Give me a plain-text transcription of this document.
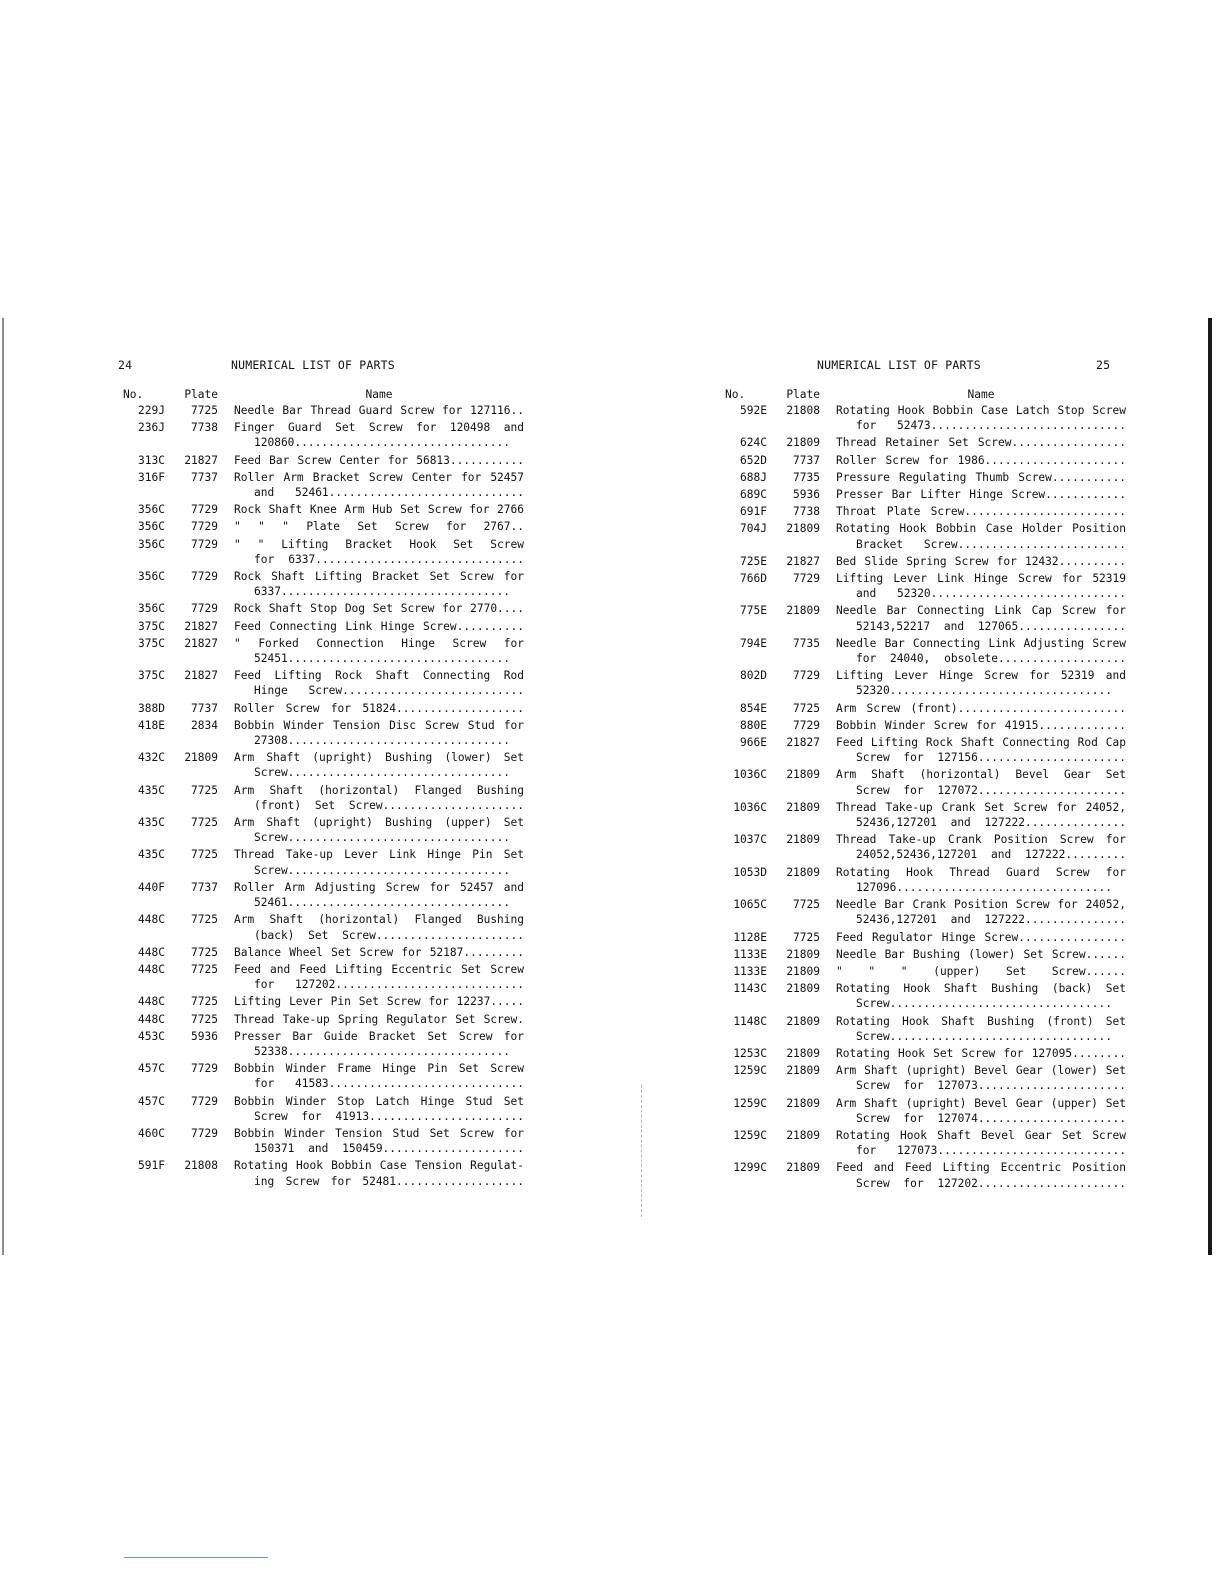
24	NUMERICAL LIST OF PARTS
No.	Plate	Name
229J	7725 Needle Bar Thread Guard Screw for 127116..
236J	7738 Finger Guard Set Screw for 120498 and
120860................................
313C	21827 Feed Bar Screw Center for 56813...........
316F	7737 Roller Arm Bracket Screw Center for 52457
and 52461.............................
356C	7729 Rock Shaft Knee Arm Hub Set Screw for 2766
356C	7729 " " " Plate Set Screw for 2767..
356C	7729 " " Lifting Bracket Hook Set Screw
for 6337...............................
356C	7729 Rock Shaft Lifting Bracket Set Screw for
6337..................................
356C	7729 Rock Shaft Stop Dog Set Screw for 2770....
375C	21827 Feed Connecting Link Hinge Screw..........
375C	21827 " Forked Connection Hinge Screw for
52451.................................
375C	21827 Feed Lifting Rock Shaft Connecting Rod
Hinge Screw...........................
388D	7737 Roller Screw for 51824...................
418E	2834 Bobbin Winder Tension Disc Screw Stud for
27308.................................
432C	21809 Arm Shaft (upright) Bushing (lower) Set
Screw.................................
435C	7725 Arm Shaft (horizontal) Flanged Bushing
(front) Set Screw.....................
435C	7725 Arm Shaft (upright) Bushing (upper) Set
Screw.................................
435C	7725 Thread Take-up Lever Link Hinge Pin Set
Screw.................................
440F	7737 Roller Arm Adjusting Screw for 52457 and
52461.................................
448C	7725 Arm Shaft (horizontal) Flanged Bushing
(back) Set Screw......................
448C	7725 Balance Wheel Set Screw for 52187.........
448C	7725 Feed and Feed Lifting Eccentric Set Screw
for 127202............................
448C	7725 Lifting Lever Pin Set Screw for 12237.....
448C	7725 Thread Take-up Spring Regulator Set Screw.
453C	5936 Presser Bar Guide Bracket Set Screw for
52338.................................
457C	7729 Bobbin Winder Frame Hinge Pin Set Screw
for 41583.............................
457C	7729 Bobbin Winder Stop Latch Hinge Stud Set
Screw for 41913.......................
460C	7729 Bobbin Winder Tension Stud Set Screw for
150371 and 150459.....................
591F	21808 Rotating Hook Bobbin Case Tension Regulat-
ing Screw for 52481...................
NUMERICAL LIST OF PARTS	25
No.	Plate	Name
592E	21808 Rotating Hook Bobbin Case Latch Stop Screw
for 52473.............................
624C	21809 Thread Retainer Set Screw.................
652D	7737 Roller Screw for 1986.....................
688J	7735 Pressure Regulating Thumb Screw...........
689C	5936 Presser Bar Lifter Hinge Screw............
691F	7738 Throat Plate Screw........................
704J	21809 Rotating Hook Bobbin Case Holder Position
Bracket Screw.........................
725E	21827 Bed Slide Spring Screw for 12432..........
766D	7729 Lifting Lever Link Hinge Screw for 52319
and 52320.............................
775E	21809 Needle Bar Connecting Link Cap Screw for
52143,52217 and 127065................
794E	7735 Needle Bar Connecting Link Adjusting Screw
for 24040, obsolete...................
802D	7729 Lifting Lever Hinge Screw for 52319 and
52320.................................
854E	7725 Arm Screw (front).........................
880E	7729 Bobbin Winder Screw for 41915.............
966E	21827 Feed Lifting Rock Shaft Connecting Rod Cap
Screw for 127156......................
1036C	21809 Arm Shaft (horizontal) Bevel Gear Set
Screw for 127072......................
1036C	21809 Thread Take-up Crank Set Screw for 24052,
52436,127201 and 127222...............
1037C	21809 Thread Take-up Crank Position Screw for
24052,52436,127201 and 127222.........
1053D	21809 Rotating Hook Thread Guard Screw for
127096................................
1065C	7725 Needle Bar Crank Position Screw for 24052,
52436,127201 and 127222...............
1128E	7725 Feed Regulator Hinge Screw................
1133E	21809 Needle Bar Bushing (lower) Set Screw......
1133E	21809 " " " (upper) Set Screw......
1143C	21809 Rotating Hook Shaft Bushing (back) Set
Screw.................................
1148C	21809 Rotating Hook Shaft Bushing (front) Set
Screw.................................
1253C	21809 Rotating Hook Set Screw for 127095........
1259C	21809 Arm Shaft (upright) Bevel Gear (lower) Set
Screw for 127073......................
1259C	21809 Arm Shaft (upright) Bevel Gear (upper) Set
Screw for 127074......................
1259C	21809 Rotating Hook Shaft Bevel Gear Set Screw
for 127073............................
1299C	21809 Feed and Feed Lifting Eccentric Position
Screw for 127202......................
